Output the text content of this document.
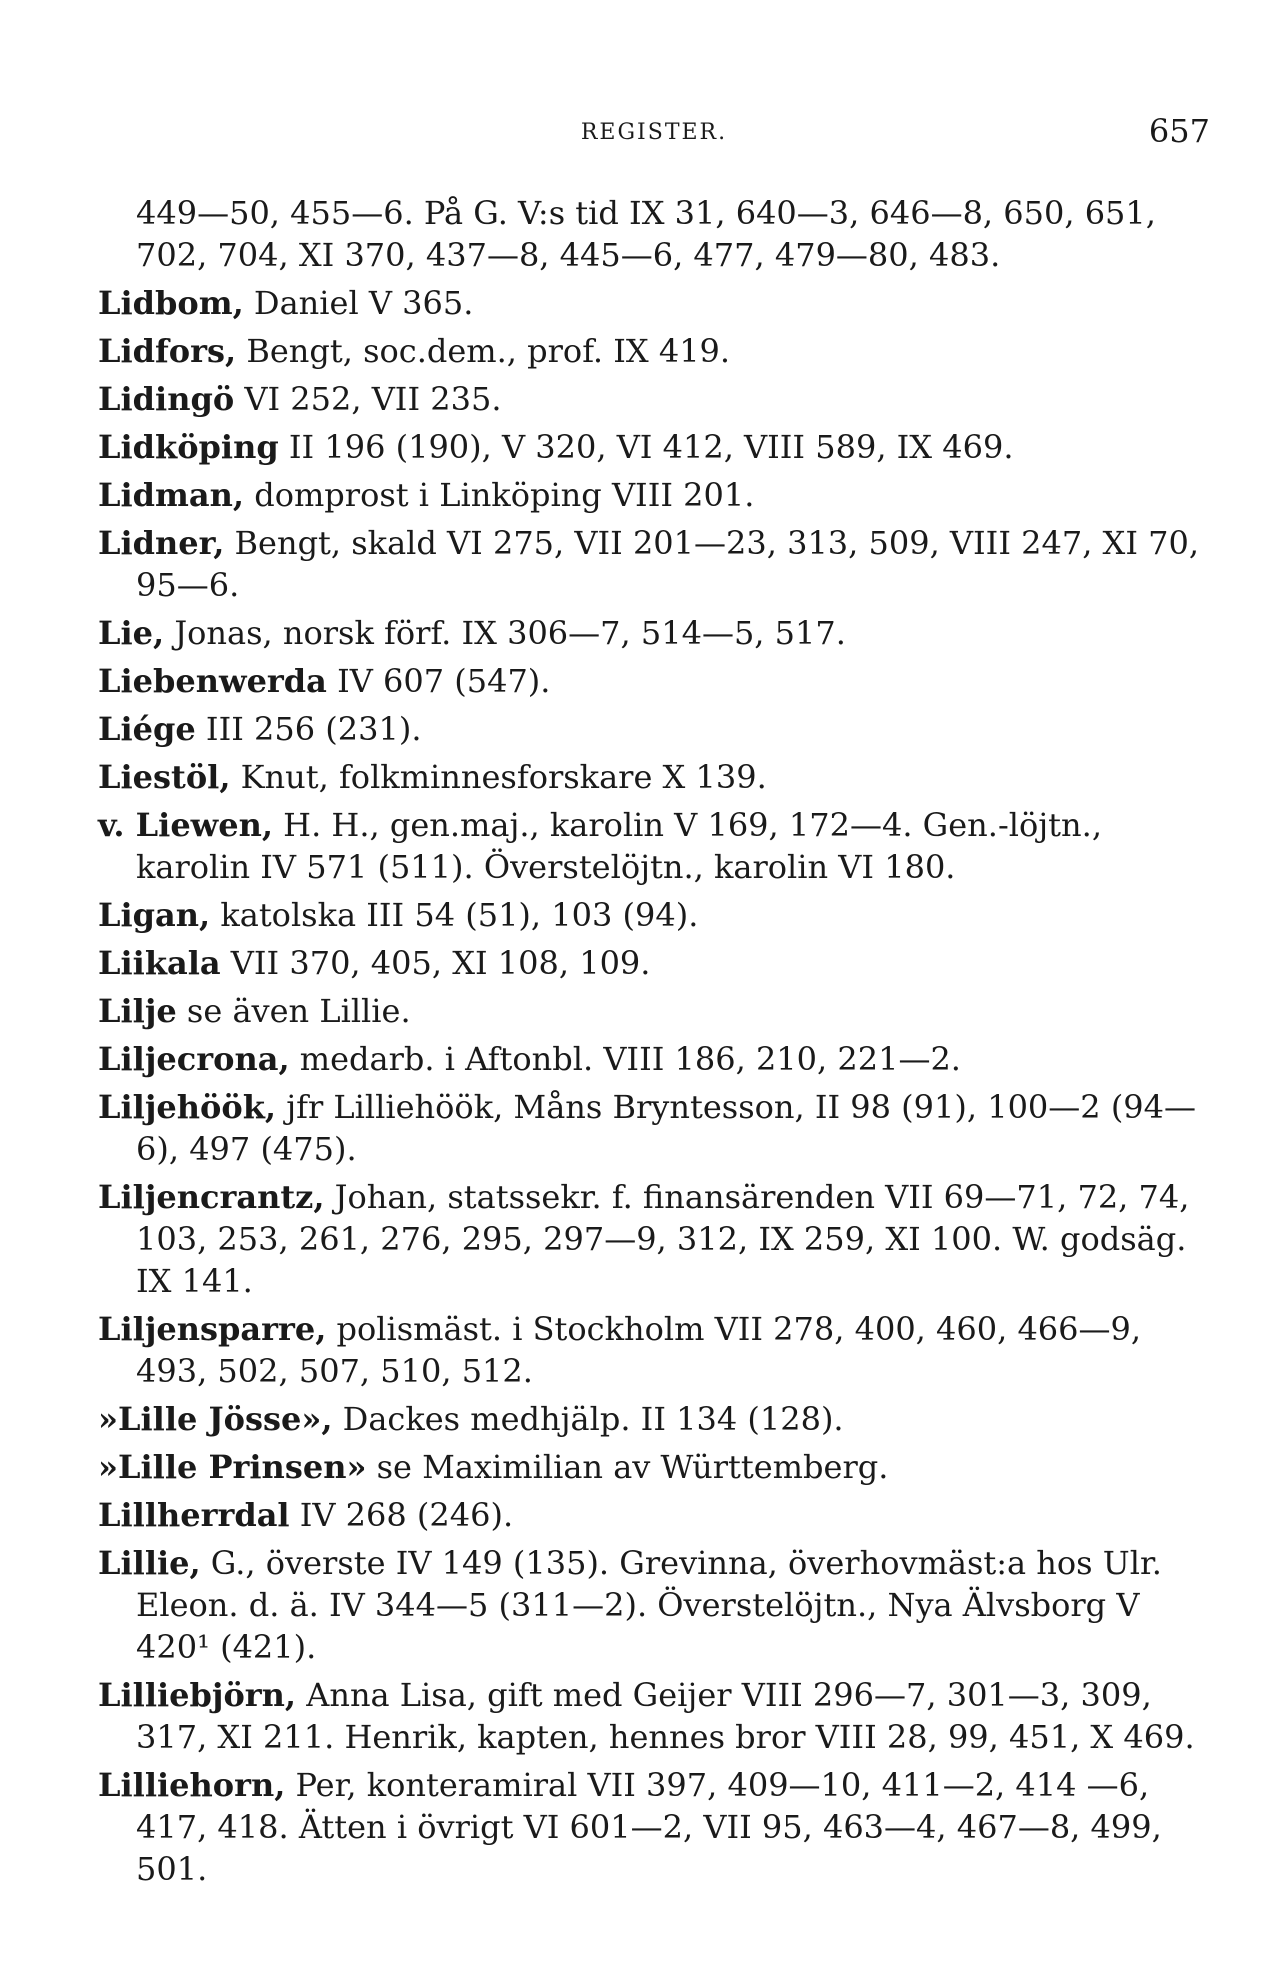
REGISTER.	657
449—50, 455—6. På G. V:s tid IX 31, 640—3, 646—8, 650, 651, 702, 704, XI 370, 437—8, 445—6, 477, 479—80, 483.
Lidbom, Daniel V 365.
Lidfors, Bengt, soc.dem., prof. IX 419.
Lidingö VI 252, VII 235.
Lidköping II 196 (190), V 320, VI 412, VIII 589, IX 469.
Lidman, domprost i Linköping VIII 201.
Lidner, Bengt, skald VI 275, VII 201—23, 313, 509, VIII 247, XI 70, 95—6.
Lie, Jonas, norsk förf. IX 306—7, 514—5, 517.
Liebenwerda IV 607 (547).
Liége III 256 (231).
Liestöl, Knut, folkminnesforskare X 139.
v. Liewen, H. H., gen.maj., karolin V 169, 172—4. Gen.-löjtn., karolin IV 571 (511). Överstelöjtn., karolin VI 180.
Ligan, katolska III 54 (51), 103 (94).
Liikala VII 370, 405, XI 108, 109.
Lilje se även Lillie.
Liljecrona, medarb. i Aftonbl. VIII 186, 210, 221—2.
Liljehöök, jfr Lilliehöök, Måns Bryntesson, II 98 (91), 100—2 (94—6), 497 (475).
Liljencrantz, Johan, statssekr. f. finansärenden VII 69—71, 72, 74, 103, 253, 261, 276, 295, 297—9, 312, IX 259, XI 100. W. godsäg. IX 141.
Liljensparre, polismäst. i Stockholm VII 278, 400, 460, 466—9, 493, 502, 507, 510, 512.
»Lille Jösse», Dackes medhjälp. II 134 (128).
»Lille Prinsen» se Maximilian av Württemberg.
Lillherrdal IV 268 (246).
Lillie, G., överste IV 149 (135). Grevinna, överhovmäst:a hos Ulr. Eleon. d. ä. IV 344—5 (311—2). Överstelöjtn., Nya Älvsborg V 420¹ (421).
Lilliebjörn, Anna Lisa, gift med Geijer VIII 296—7, 301—3, 309, 317, XI 211. Henrik, kapten, hennes bror VIII 28, 99, 451, X 469.
Lilliehorn, Per, konteramiral VII 397, 409—10, 411—2, 414 —6, 417, 418. Ätten i övrigt VI 601—2, VII 95, 463—4, 467—8, 499, 501.
